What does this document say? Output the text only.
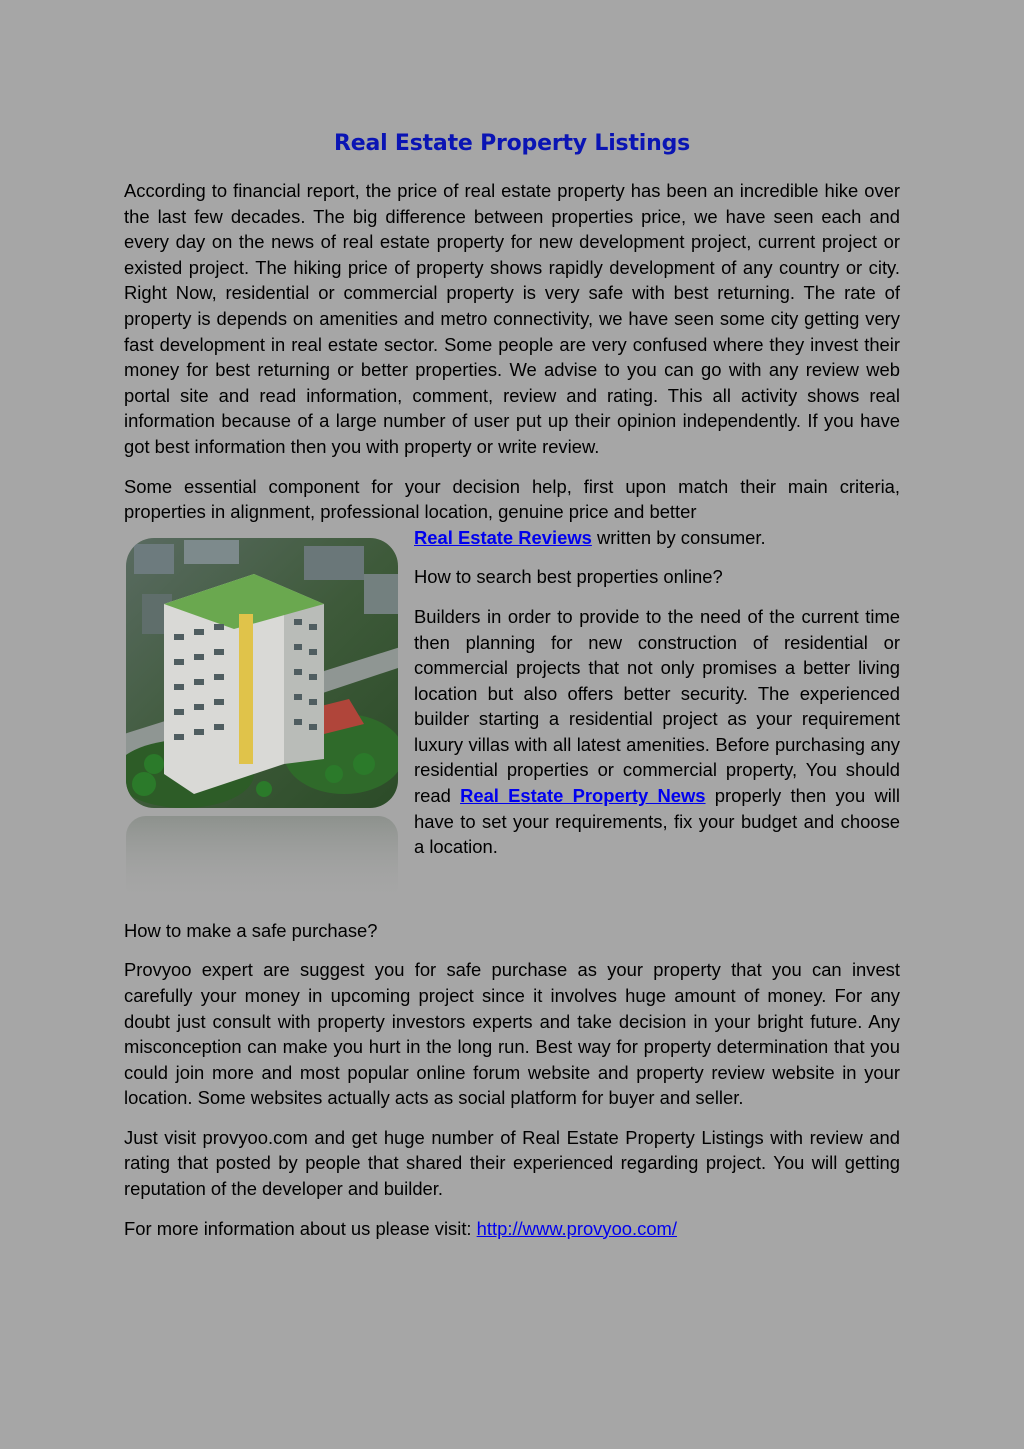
Real Estate Property Listings

According to financial report, the price of real estate property has been an incredible hike over the last few decades. The big difference between properties price, we have seen each and every day on the news of real estate property for new development project, current project or existed project. The hiking price of property shows rapidly development of any country or city. Right Now, residential or commercial property is very safe with best returning. The rate of property is depends on amenities and metro connectivity, we have seen some city getting very fast development in real estate sector. Some people are very confused where they invest their money for best returning or better properties. We advise to you can go with any review web portal site and read information, comment, review and rating. This all activity shows real information because of a large number of user put up their opinion independently. If you have got best information then you with property or write review.

Some essential component for your decision help, first upon match their main criteria, properties in alignment, professional location, genuine price and better

Real Estate Reviews written by consumer.

How to search best properties online?

Builders in order to provide to the need of the current time then planning for new construction of residential or commercial projects that not only promises a better living location but also offers better security. The experienced builder starting a residential project as your requirement luxury villas with all latest amenities. Before purchasing any residential properties or commercial property, You should read Real Estate Property News properly then you will have to set your requirements, fix your budget and choose a location.

How to make a safe purchase?

Provyoo expert are suggest you for safe purchase as your property that you can invest carefully your money in upcoming project since it involves huge amount of money. For any doubt just consult with property investors experts and take decision in your bright future. Any misconception can make you hurt in the long run. Best way for property determination that you could join more and most popular online forum website and property review website in your location. Some websites actually acts as social platform for buyer and seller.

Just visit provyoo.com and get huge number of Real Estate Property Listings with review and rating that posted by people that shared their experienced regarding project. You will getting reputation of the developer and builder.

For more information about us please visit: http://www.provyoo.com/
